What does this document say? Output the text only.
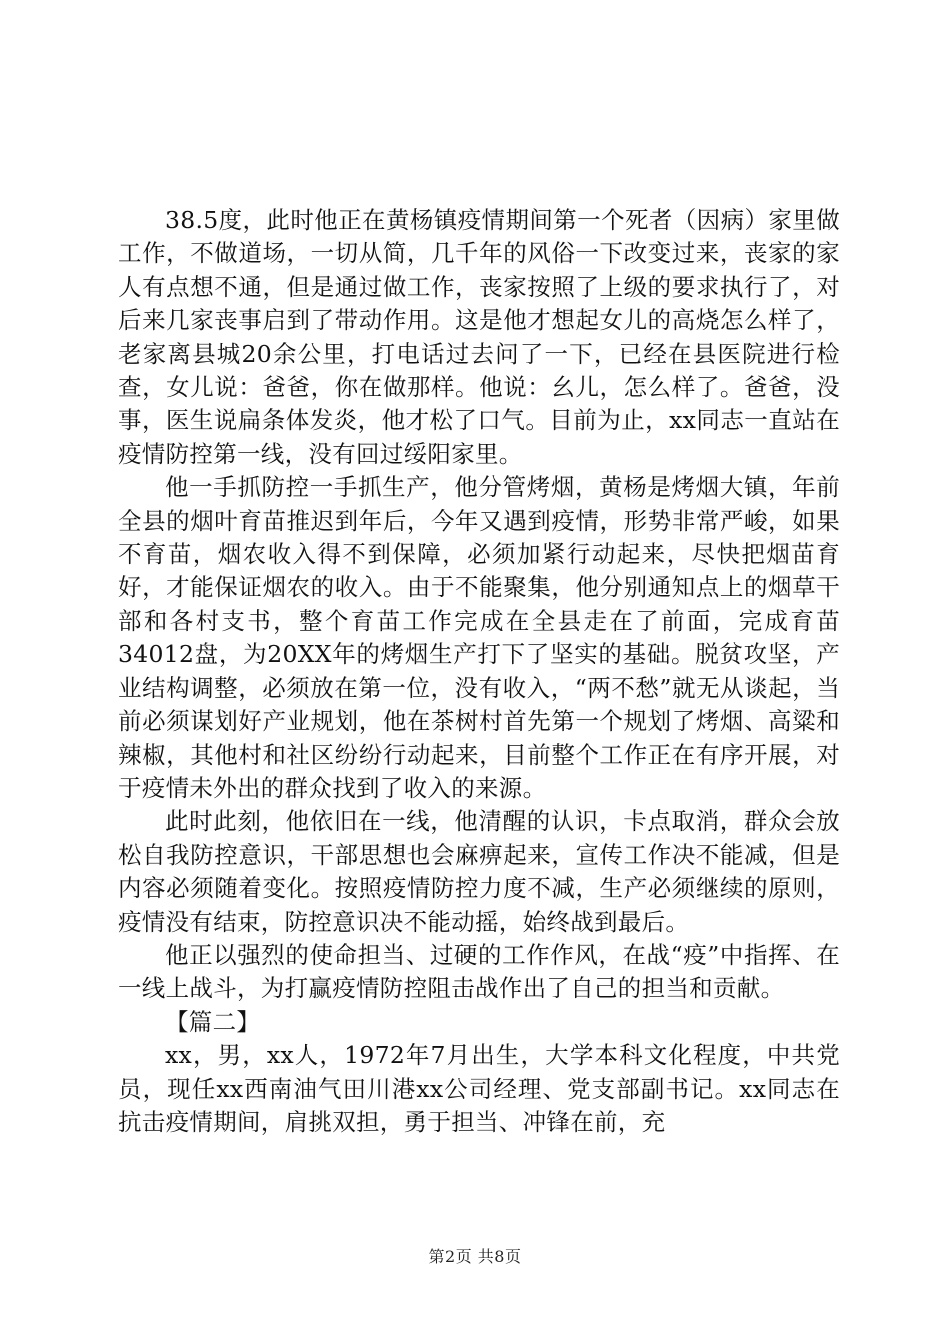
38.5度，此时他正在黄杨镇疫情期间第一个死者（因病）家里做工作，不做道场，一切从简，几千年的风俗一下改变过来，丧家的家人有点想不通，但是通过做工作，丧家按照了上级的要求执行了，对后来几家丧事启到了带动作用。这是他才想起女儿的高烧怎么样了，老家离县城20余公里，打电话过去问了一下，已经在县医院进行检查，女儿说：爸爸，你在做那样。他说：幺儿，怎么样了。爸爸，没事，医生说扁条体发炎，他才松了口气。目前为止，xx同志一直站在疫情防控第一线，没有回过绥阳家里。

他一手抓防控一手抓生产，他分管烤烟，黄杨是烤烟大镇，年前全县的烟叶育苗推迟到年后，今年又遇到疫情，形势非常严峻，如果不育苗，烟农收入得不到保障，必须加紧行动起来，尽快把烟苗育好，才能保证烟农的收入。由于不能聚集，他分别通知点上的烟草干部和各村支书，整个育苗工作完成在全县走在了前面，完成育苗34012盘，为20XX年的烤烟生产打下了坚实的基础。脱贫攻坚，产业结构调整，必须放在第一位，没有收入，“两不愁”就无从谈起，当前必须谋划好产业规划，他在茶树村首先第一个规划了烤烟、高粱和辣椒，其他村和社区纷纷行动起来，目前整个工作正在有序开展，对于疫情未外出的群众找到了收入的来源。

此时此刻，他依旧在一线，他清醒的认识，卡点取消，群众会放松自我防控意识，干部思想也会麻痹起来，宣传工作决不能减，但是内容必须随着变化。按照疫情防控力度不减，生产必须继续的原则，疫情没有结束，防控意识决不能动摇，始终战到最后。

他正以强烈的使命担当、过硬的工作作风，在战“疫”中指挥、在一线上战斗，为打赢疫情防控阻击战作出了自己的担当和贡献。

【篇二】

xx，男，xx人，1972年7月出生，大学本科文化程度，中共党员，现任xx西南油气田川港xx公司经理、党支部副书记。xx同志在抗击疫情期间，肩挑双担，勇于担当、冲锋在前，充

第2页 共8页
